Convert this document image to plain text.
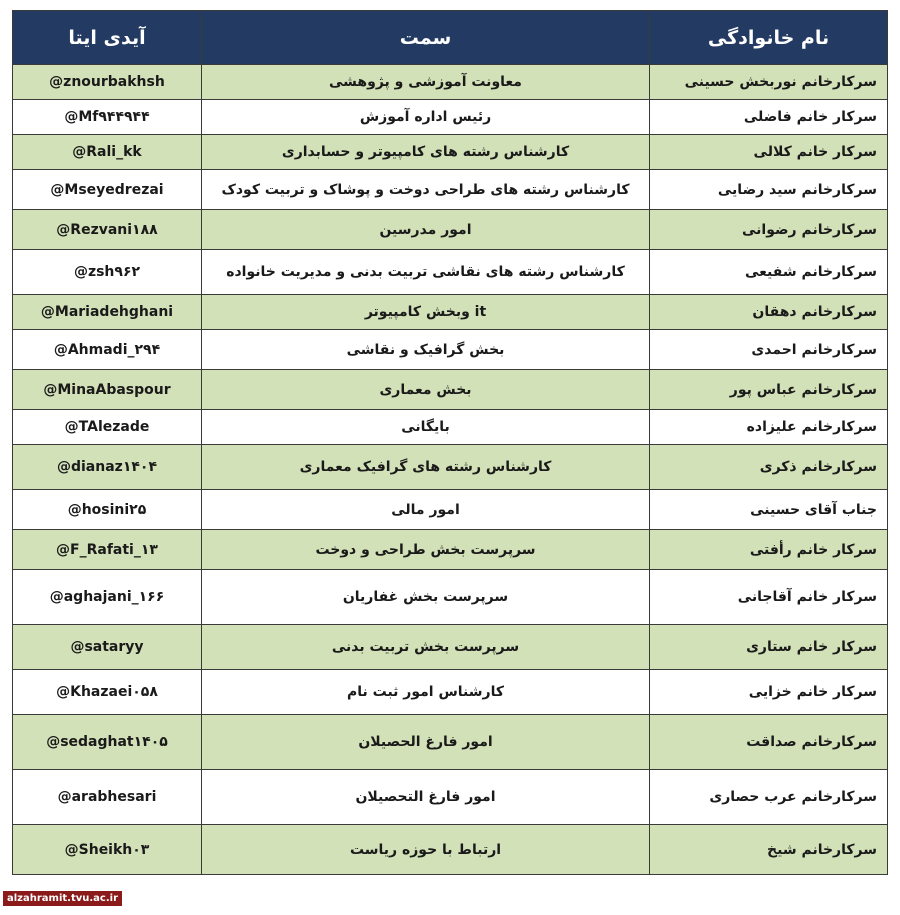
نام خانوادگی	سمت	آیدی ایتا
سرکارخانم نوربخش حسینی	معاونت آموزشی و پژوهشی	@znourbakhsh
سرکار خانم فاضلی	رئیس اداره آموزش	@Mf۹۴۴۹۴۴
سرکار خانم کلالی	کارشناس رشته های کامپیوتر و حسابداری	@Rali_kk
سرکارخانم سید رضایی	کارشناس رشته های طراحی دوخت و پوشاک و تربیت کودک	@Mseyedrezai
سرکارخانم رضوانی	امور مدرسین	@Rezvani۱۸۸
سرکارخانم شفیعی	کارشناس رشته های نقاشی تربیت بدنی و مدیریت خانواده	@zsh۹۶۲
سرکارخانم دهقان	it وبخش کامپیوتر	@Mariadehghani
سرکارخانم احمدی	بخش گرافیک و نقاشی	@Ahmadi_۲۹۴
سرکارخانم عباس پور	بخش معماری	@MinaAbaspour
سرکارخانم علیزاده	بایگانی	@TAlezade
سرکارخانم ذکری	کارشناس رشته های گرافیک معماری	@dianaz۱۴۰۴
جناب آقای حسینی	امور مالی	@hosini۲۵
سرکار خانم رأفتی	سرپرست بخش طراحی و دوخت	@F_Rafati_۱۳
سرکار خانم آقاجانی	سرپرست بخش غفاریان	@aghajani_۱۶۶
سرکار خانم ستاری	سرپرست بخش تربیت بدنی	@sataryy
سرکار خانم خزایی	کارشناس امور ثبت نام	@Khazaei۰۵۸
سرکارخانم صداقت	امور فارغ الحصیلان	@sedaghat۱۴۰۵
سرکارخانم عرب حصاری	امور فارغ التحصیلان	@arabhesari
سرکارخانم شیخ	ارتباط با حوزه ریاست	@Sheikh۰۳
alzahramit.tvu.ac.ir
